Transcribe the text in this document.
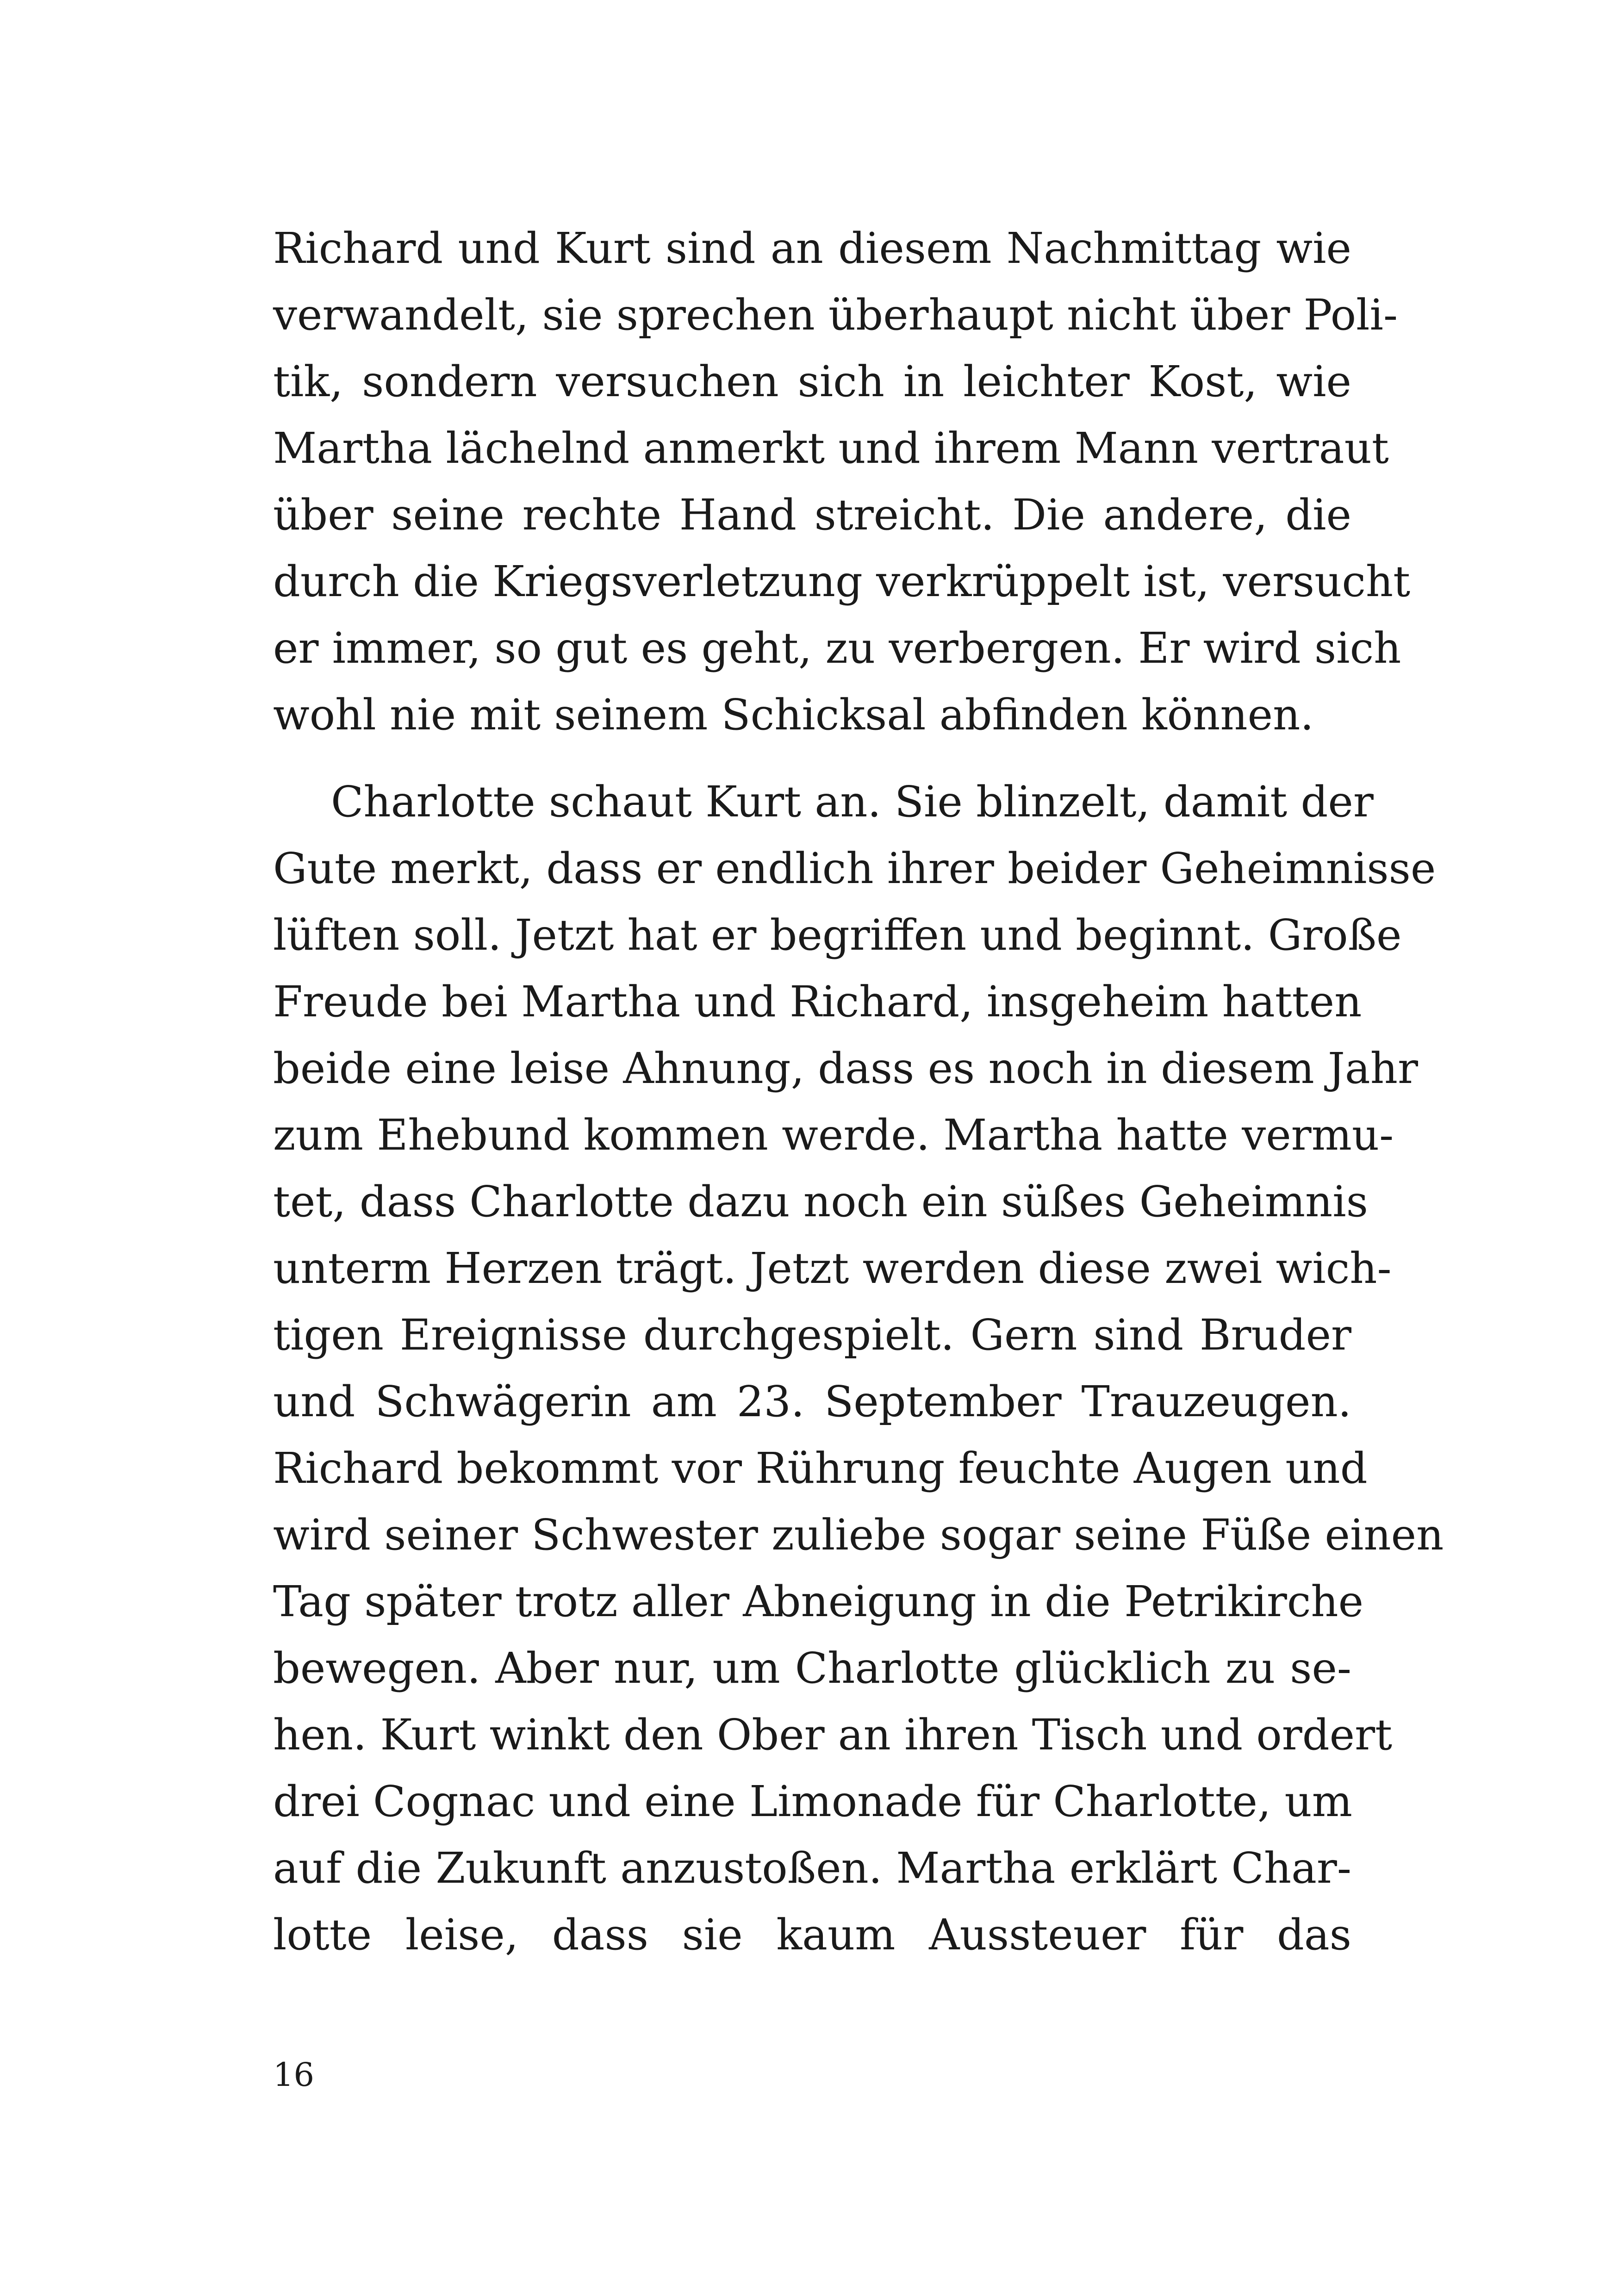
Richard und Kurt sind an diesem Nachmittag wie
verwandelt, sie sprechen überhaupt nicht über Poli-
tik, sondern versuchen sich in leichter Kost, wie
Martha lächelnd anmerkt und ihrem Mann vertraut
über seine rechte Hand streicht. Die andere, die
durch die Kriegsverletzung verkrüppelt ist, versucht
er immer, so gut es geht, zu verbergen. Er wird sich
wohl nie mit seinem Schicksal abfinden können.
Charlotte schaut Kurt an. Sie blinzelt, damit der
Gute merkt, dass er endlich ihrer beider Geheimnisse
lüften soll. Jetzt hat er begriffen und beginnt. Große
Freude bei Martha und Richard, insgeheim hatten
beide eine leise Ahnung, dass es noch in diesem Jahr
zum Ehebund kommen werde. Martha hatte vermu-
tet, dass Charlotte dazu noch ein süßes Geheimnis
unterm Herzen trägt. Jetzt werden diese zwei wich-
tigen Ereignisse durchgespielt. Gern sind Bruder
und Schwägerin am 23. September Trauzeugen.
Richard bekommt vor Rührung feuchte Augen und
wird seiner Schwester zuliebe sogar seine Füße einen
Tag später trotz aller Abneigung in die Petrikirche
bewegen. Aber nur, um Charlotte glücklich zu se-
hen. Kurt winkt den Ober an ihren Tisch und ordert
drei Cognac und eine Limonade für Charlotte, um
auf die Zukunft anzustoßen. Martha erklärt Char-
lotte leise, dass sie kaum Aussteuer für das
16
